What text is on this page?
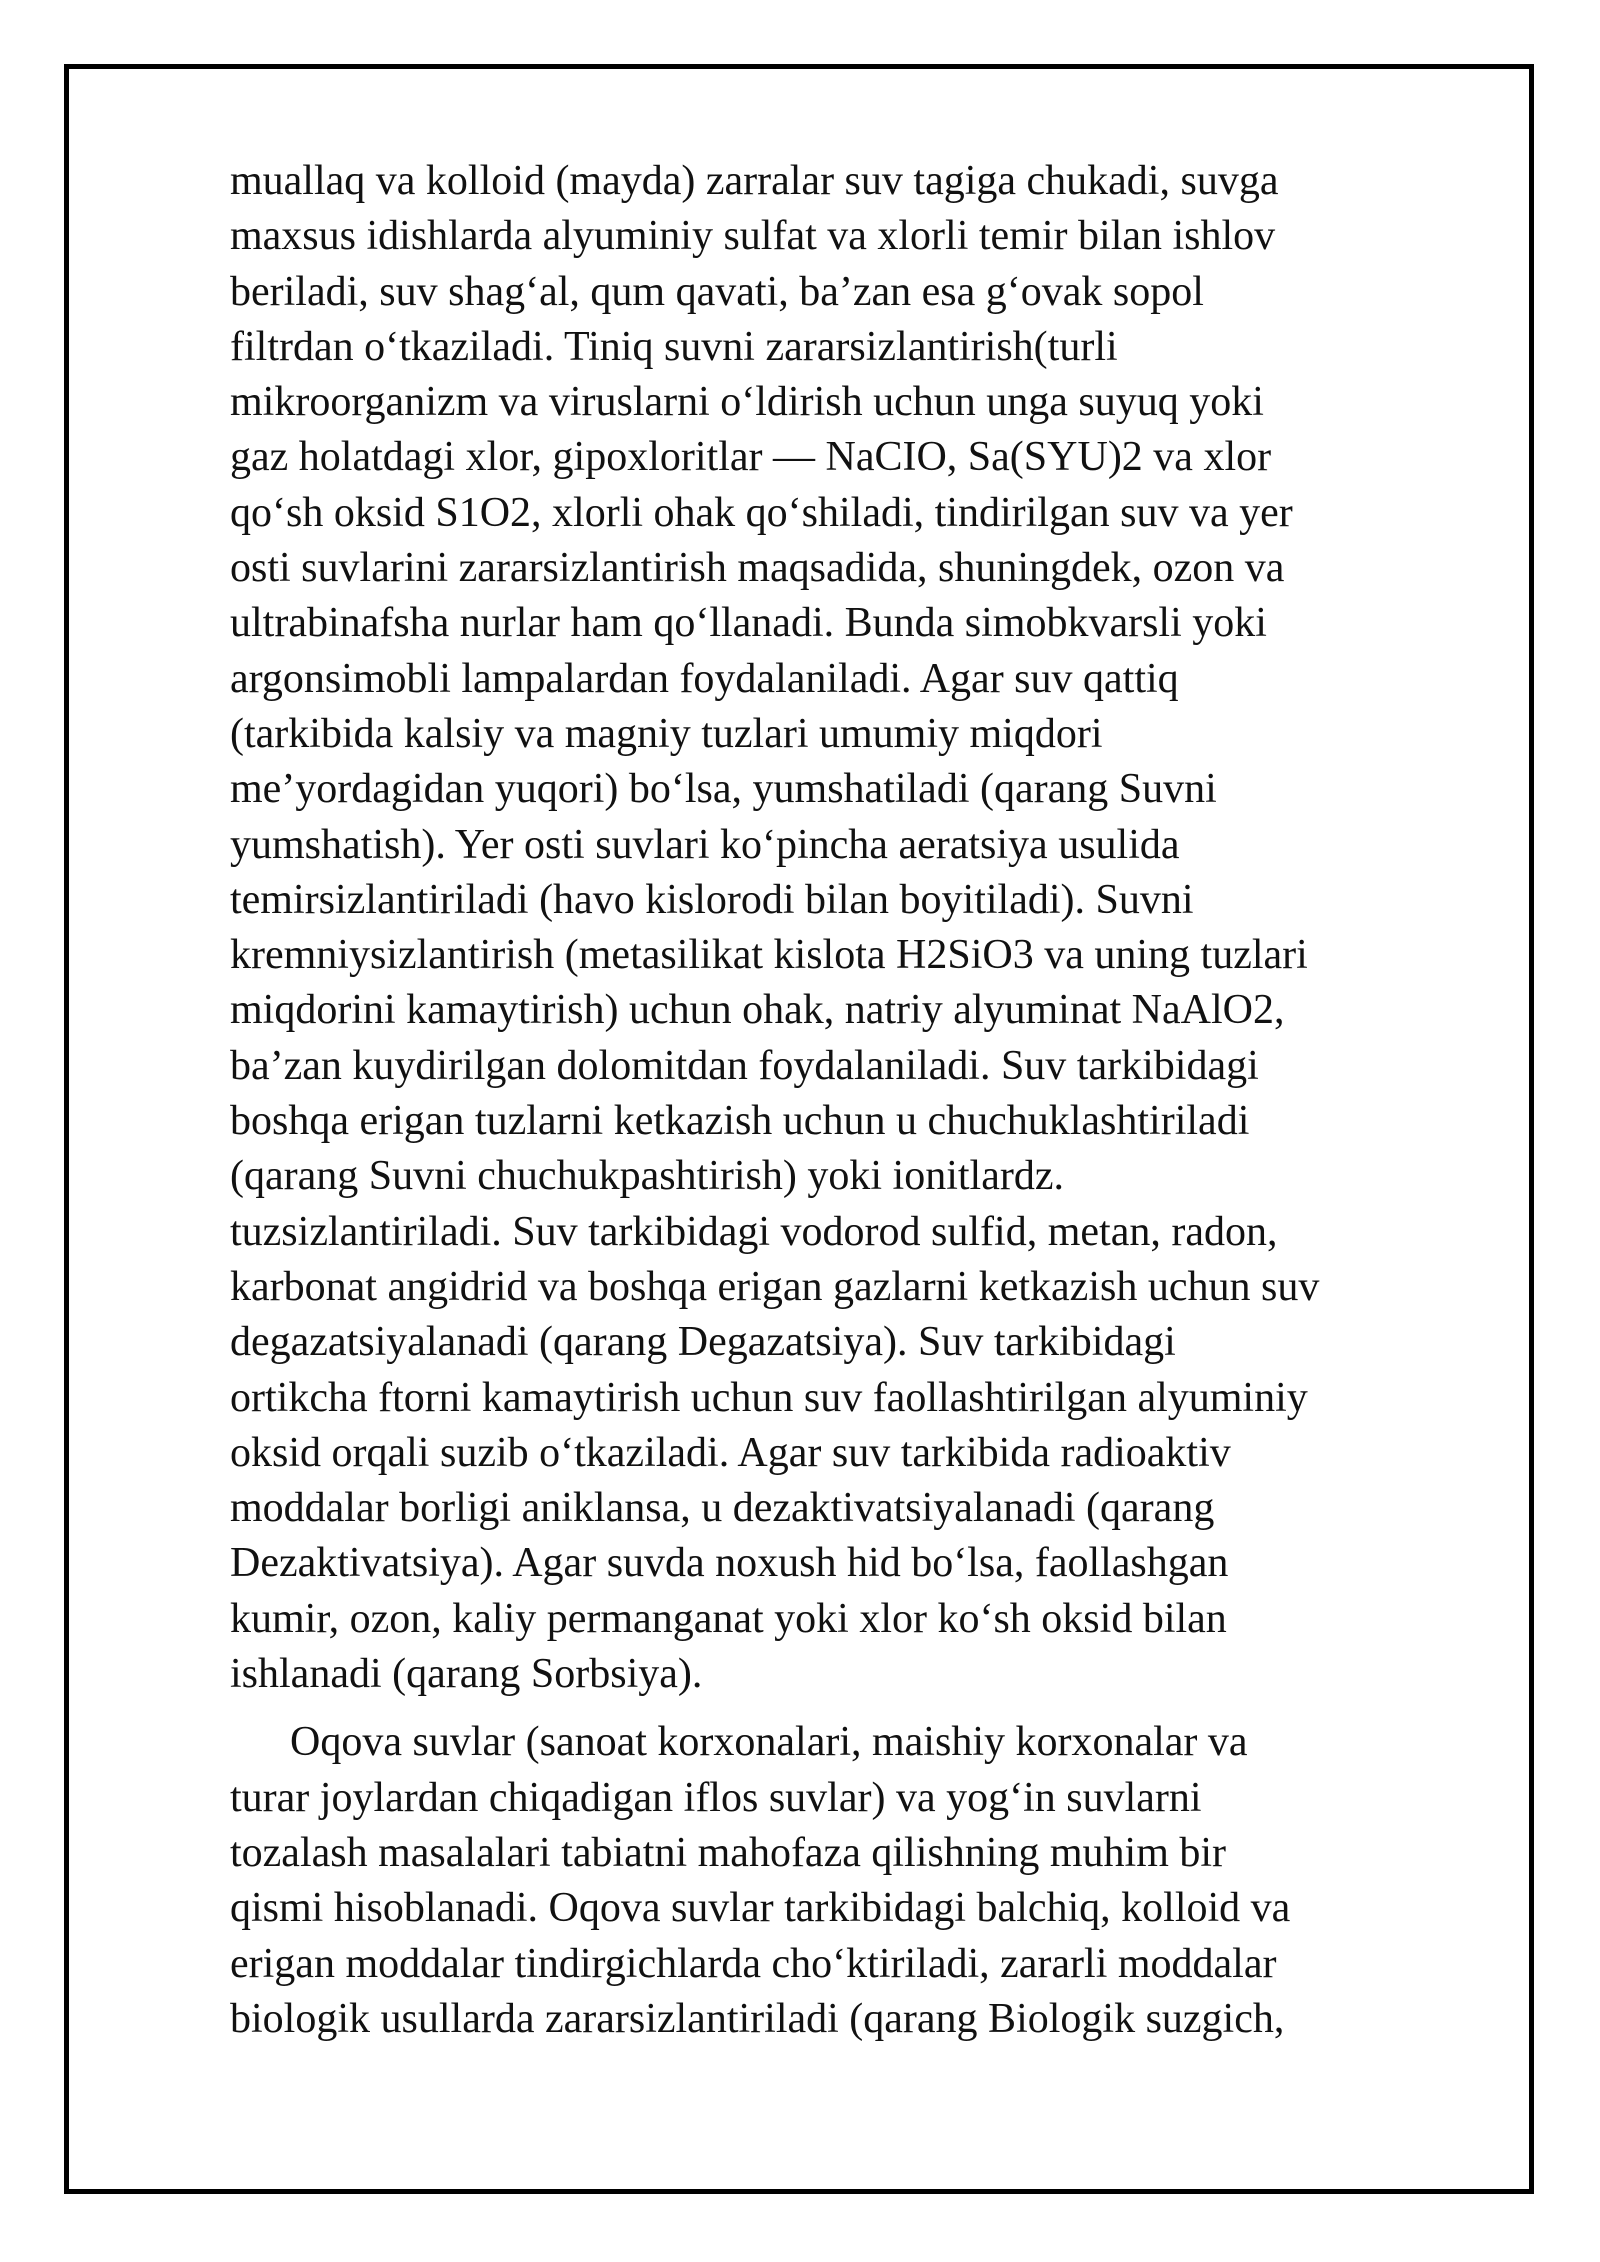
muallaq va kolloid (mayda) zarralar suv tagiga chukadi, suvga
maxsus idishlarda alyuminiy sulfat va xlorli temir bilan ishlov
beriladi, suv shag‘al, qum qavati, ba’zan esa g‘ovak sopol
filtrdan o‘tkaziladi. Tiniq suvni zararsizlantirish(turli
mikroorganizm va viruslarni o‘ldirish uchun unga suyuq yoki
gaz holatdagi xlor, gipoxloritlar — NaCIO, Sa(SYU)2 va xlor
qo‘sh oksid S1O2, xlorli ohak qo‘shiladi, tindirilgan suv va yer
osti suvlarini zararsizlantirish maqsadida, shuningdek, ozon va
ultrabinafsha nurlar ham qo‘llanadi. Bunda simobkvarsli yoki
argonsimobli lampalardan foydalaniladi. Agar suv qattiq
(tarkibida kalsiy va magniy tuzlari umumiy miqdori
me’yordagidan yuqori) bo‘lsa, yumshatiladi (qarang Suvni
yumshatish). Yer osti suvlari ko‘pincha aeratsiya usulida
temirsizlantiriladi (havo kislorodi bilan boyitiladi). Suvni
kremniysizlantirish (metasilikat kislota H2SiO3 va uning tuzlari
miqdorini kamaytirish) uchun ohak, natriy alyuminat NaAlO2,
ba’zan kuydirilgan dolomitdan foydalaniladi. Suv tarkibidagi
boshqa erigan tuzlarni ketkazish uchun u chuchuklashtiriladi
(qarang Suvni chuchukpashtirish) yoki ionitlardz.
tuzsizlantiriladi. Suv tarkibidagi vodorod sulfid, metan, radon,
karbonat angidrid va boshqa erigan gazlarni ketkazish uchun suv
degazatsiyalanadi (qarang Degazatsiya). Suv tarkibidagi
ortikcha ftorni kamaytirish uchun suv faollashtirilgan alyuminiy
oksid orqali suzib o‘tkaziladi. Agar suv tarkibida radioaktiv
moddalar borligi aniklansa, u dezaktivatsiyalanadi (qarang
Dezaktivatsiya). Agar suvda noxush hid bo‘lsa, faollashgan
kumir, ozon, kaliy permanganat yoki xlor ko‘sh oksid bilan
ishlanadi (qarang Sorbsiya).
Oqova suvlar (sanoat korxonalari, maishiy korxonalar va
turar joylardan chiqadigan iflos suvlar) va yog‘in suvlarni
tozalash masalalari tabiatni mahofaza qilishning muhim bir
qismi hisoblanadi. Oqova suvlar tarkibidagi balchiq, kolloid va
erigan moddalar tindirgichlarda cho‘ktiriladi, zararli moddalar
biologik usullarda zararsizlantiriladi (qarang Biologik suzgich,
